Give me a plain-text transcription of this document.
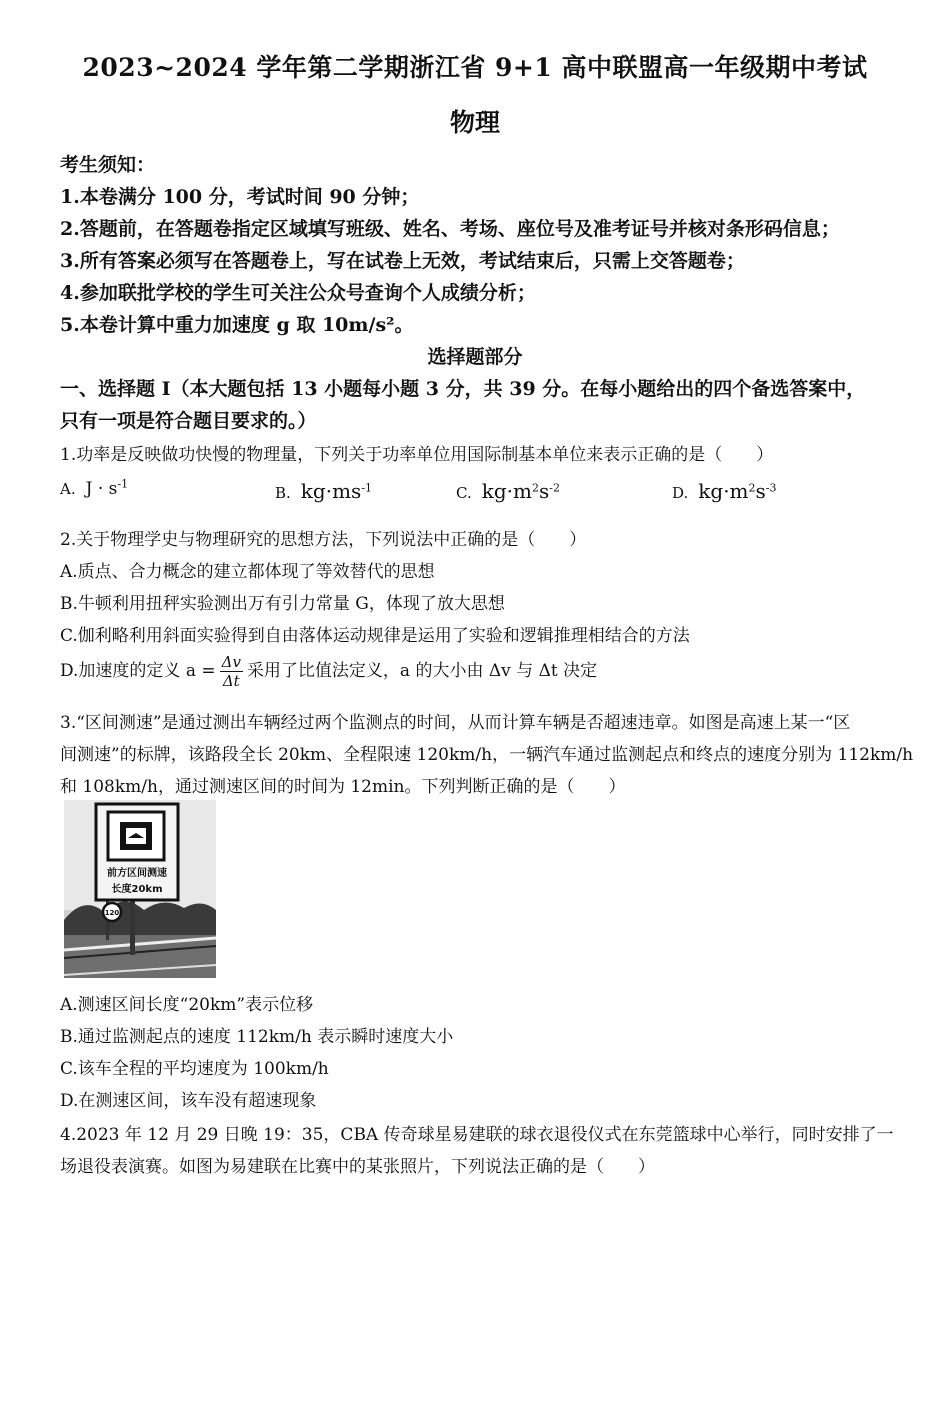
2023~2024 学年第二学期浙江省 9+1 高中联盟高一年级期中考试
物理
考生须知：
1.本卷满分 100 分，考试时间 90 分钟；
2.答题前，在答题卷指定区域填写班级、姓名、考场、座位号及准考证号并核对条形码信息；
3.所有答案必须写在答题卷上，写在试卷上无效，考试结束后，只需上交答题卷；
4.参加联批学校的学生可关注公众号查询个人成绩分析；
5.本卷计算中重力加速度 g 取 10m/s²。
选择题部分
一、选择题 I（本大题包括 13 小题每小题 3 分，共 39 分。在每小题给出的四个备选答案中，
只有一项是符合题目要求的。）
1.功率是反映做功快慢的物理量，下列关于功率单位用国际制基本单位来表示正确的是（　　）
A. $J \cdot s^{-1}$
B. $kg\cdot ms^{-1}$	C. $kg\cdot m^2s^{-2}$	D. $kg\cdot m^2s^{-3}$
2.关于物理学史与物理研究的思想方法，下列说法中正确的是（　　）
A.质点、合力概念的建立都体现了等效替代的思想
B.牛顿利用扭秤实验测出万有引力常量 G，体现了放大思想
C.伽利略利用斜面实验得到自由落体运动规律是运用了实验和逻辑推理相结合的方法
D.加速度的定义 $a = \frac{\Delta v}{\Delta t}$ 采用了比值法定义，a 的大小由 Δv 与 Δt 决定
3.“区间测速”是通过测出车辆经过两个监测点的时间，从而计算车辆是否超速违章。如图是高速上某一“区
间测速”的标牌，该路段全长 20km、全程限速 120km/h，一辆汽车通过监测起点和终点的速度分别为 112km/h
和 108km/h，通过测速区间的时间为 12min。下列判断正确的是（　　）
前方区间测速
长度20km
120
A.测速区间长度“20km”表示位移
B.通过监测起点的速度 112km/h 表示瞬时速度大小
C.该车全程的平均速度为 100km/h
D.在测速区间，该车没有超速现象
4.2023 年 12 月 29 日晚 19：35，CBA 传奇球星易建联的球衣退役仪式在东莞篮球中心举行，同时安排了一
场退役表演赛。如图为易建联在比赛中的某张照片，下列说法正确的是（　　）
